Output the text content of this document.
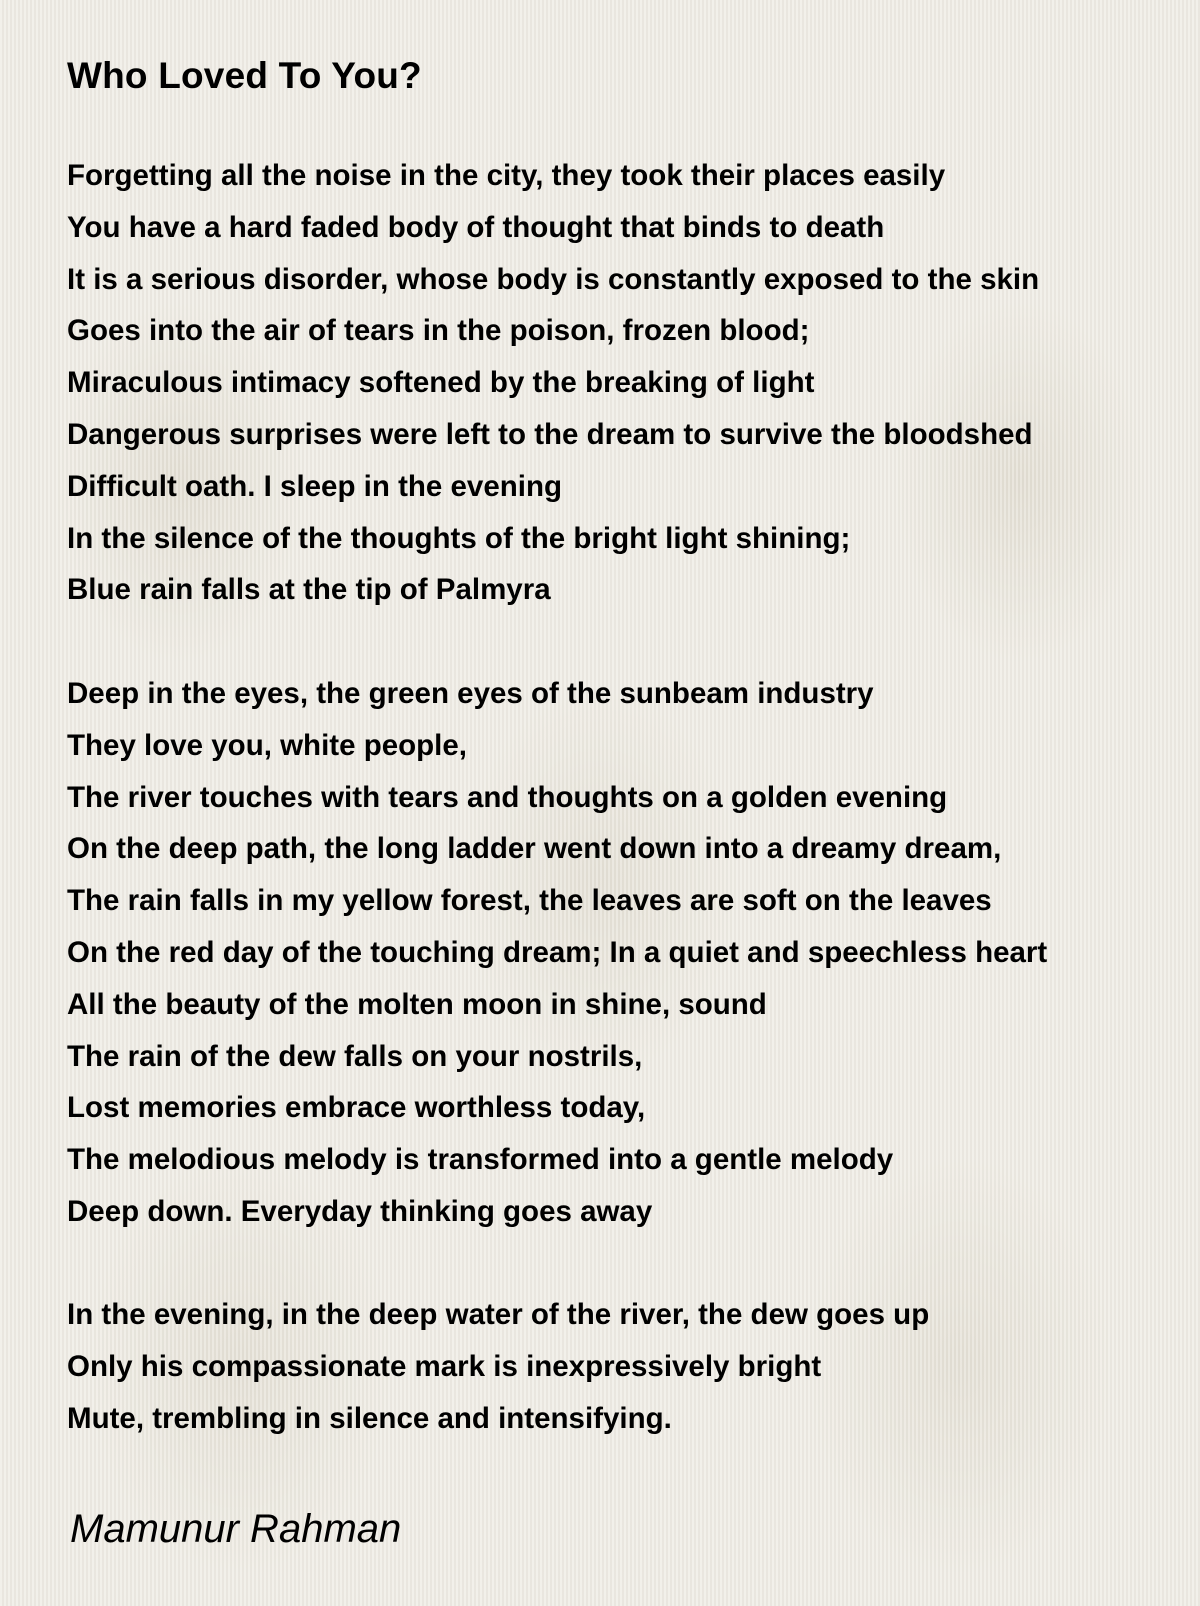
Who Loved To You?
Forgetting all the noise in the city, they took their places easily
You have a hard faded body of thought that binds to death
It is a serious disorder, whose body is constantly exposed to the skin
Goes into the air of tears in the poison, frozen blood;
Miraculous intimacy softened by the breaking of light
Dangerous surprises were left to the dream to survive the bloodshed
Difficult oath. I sleep in the evening
In the silence of the thoughts of the bright light shining;
Blue rain falls at the tip of Palmyra
Deep in the eyes, the green eyes of the sunbeam industry
They love you, white people,
The river touches with tears and thoughts on a golden evening
On the deep path, the long ladder went down into a dreamy dream,
The rain falls in my yellow forest, the leaves are soft on the leaves
On the red day of the touching dream; In a quiet and speechless heart
All the beauty of the molten moon in shine, sound
The rain of the dew falls on your nostrils,
Lost memories embrace worthless today,
The melodious melody is transformed into a gentle melody
Deep down. Everyday thinking goes away
In the evening, in the deep water of the river, the dew goes up
Only his compassionate mark is inexpressively bright
Mute, trembling in silence and intensifying.

Mamunur Rahman
